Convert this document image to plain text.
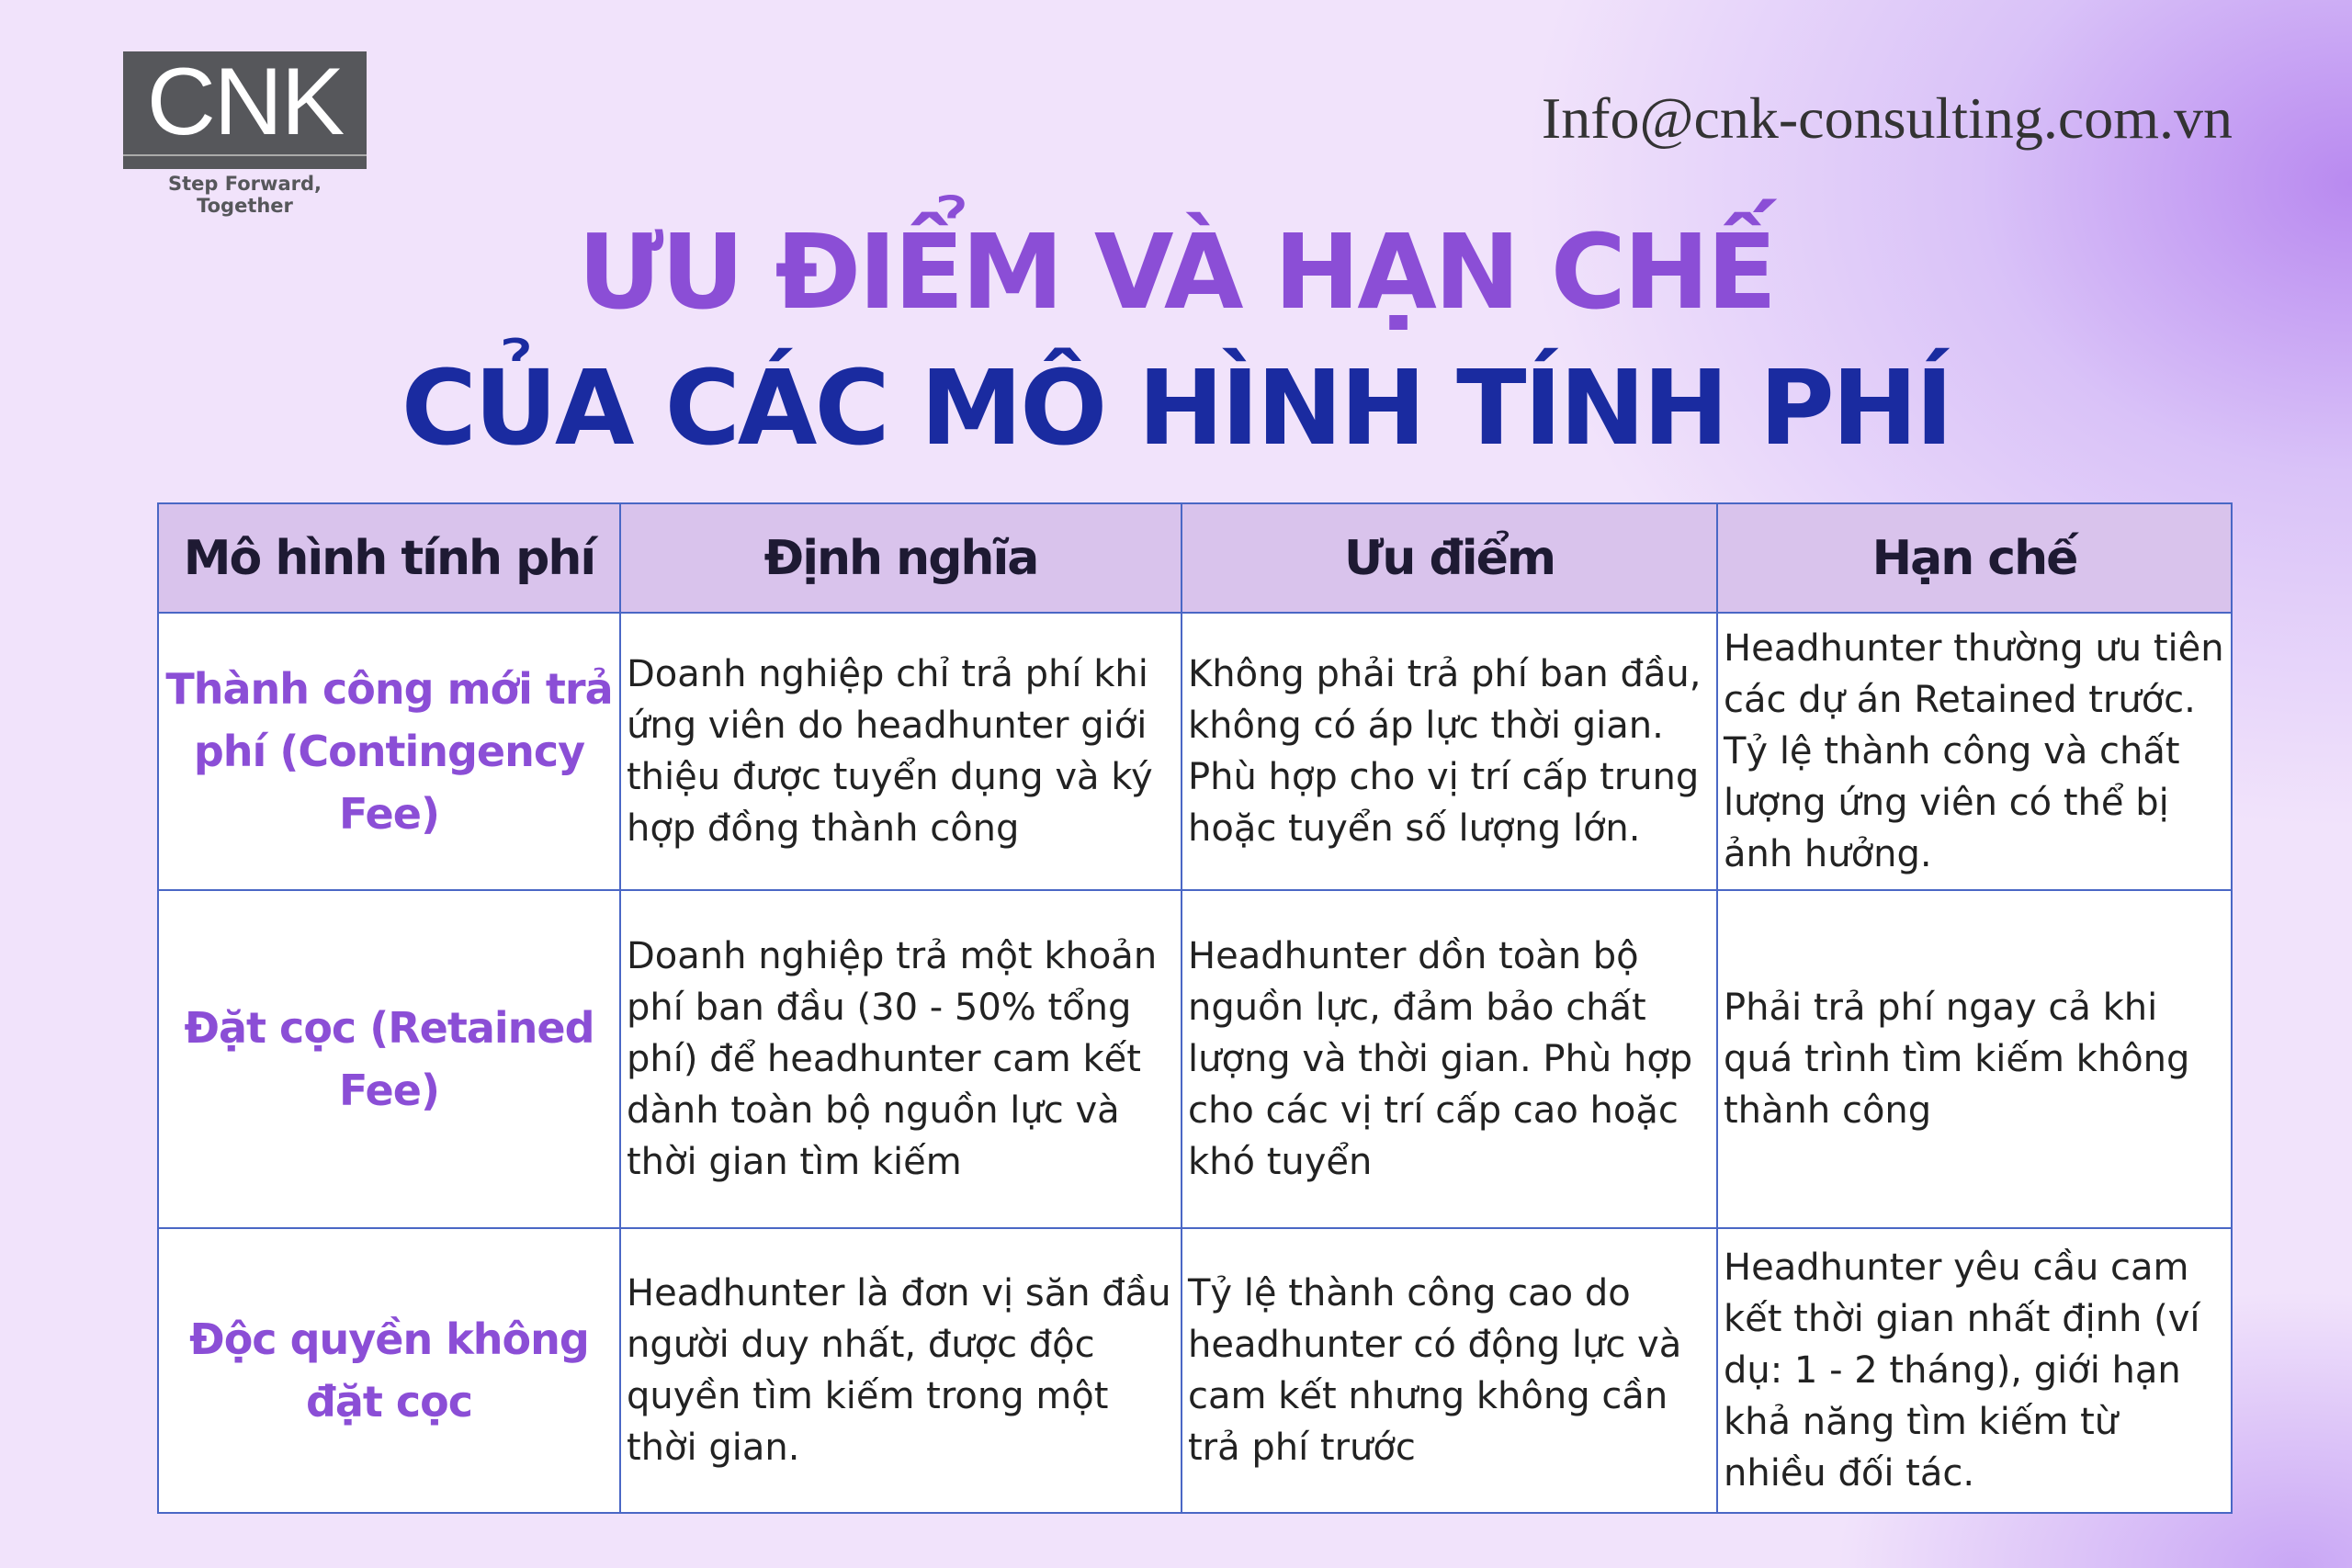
CNK
Step Forward, Together
Info@cnk-consulting.com.vn
ƯU ĐIỂM VÀ HẠN CHẾ
CỦA CÁC MÔ HÌNH TÍNH PHÍ
Mô hình tính phí	Định nghĩa	Ưu điểm	Hạn chế
Thành công mới trả phí (Contingency Fee)	Doanh nghiệp chỉ trả phí khi ứng viên do headhunter giới thiệu được tuyển dụng và ký hợp đồng thành công	Không phải trả phí ban đầu, không có áp lực thời gian. Phù hợp cho vị trí cấp trung hoặc tuyển số lượng lớn.	Headhunter thường ưu tiên các dự án Retained trước. Tỷ lệ thành công và chất lượng ứng viên có thể bị ảnh hưởng.
Đặt cọc (Retained Fee)	Doanh nghiệp trả một khoản phí ban đầu (30 - 50% tổng phí) để headhunter cam kết dành toàn bộ nguồn lực và thời gian tìm kiếm	Headhunter dồn toàn bộ nguồn lực, đảm bảo chất lượng và thời gian. Phù hợp cho các vị trí cấp cao hoặc khó tuyển	Phải trả phí ngay cả khi quá trình tìm kiếm không thành công
Độc quyền không đặt cọc	Headhunter là đơn vị săn đầu người duy nhất, được độc quyền tìm kiếm trong một thời gian.	Tỷ lệ thành công cao do headhunter có động lực và cam kết nhưng không cần trả phí trước	Headhunter yêu cầu cam kết thời gian nhất định (ví dụ: 1 - 2 tháng), giới hạn khả năng tìm kiếm từ nhiều đối tác.
